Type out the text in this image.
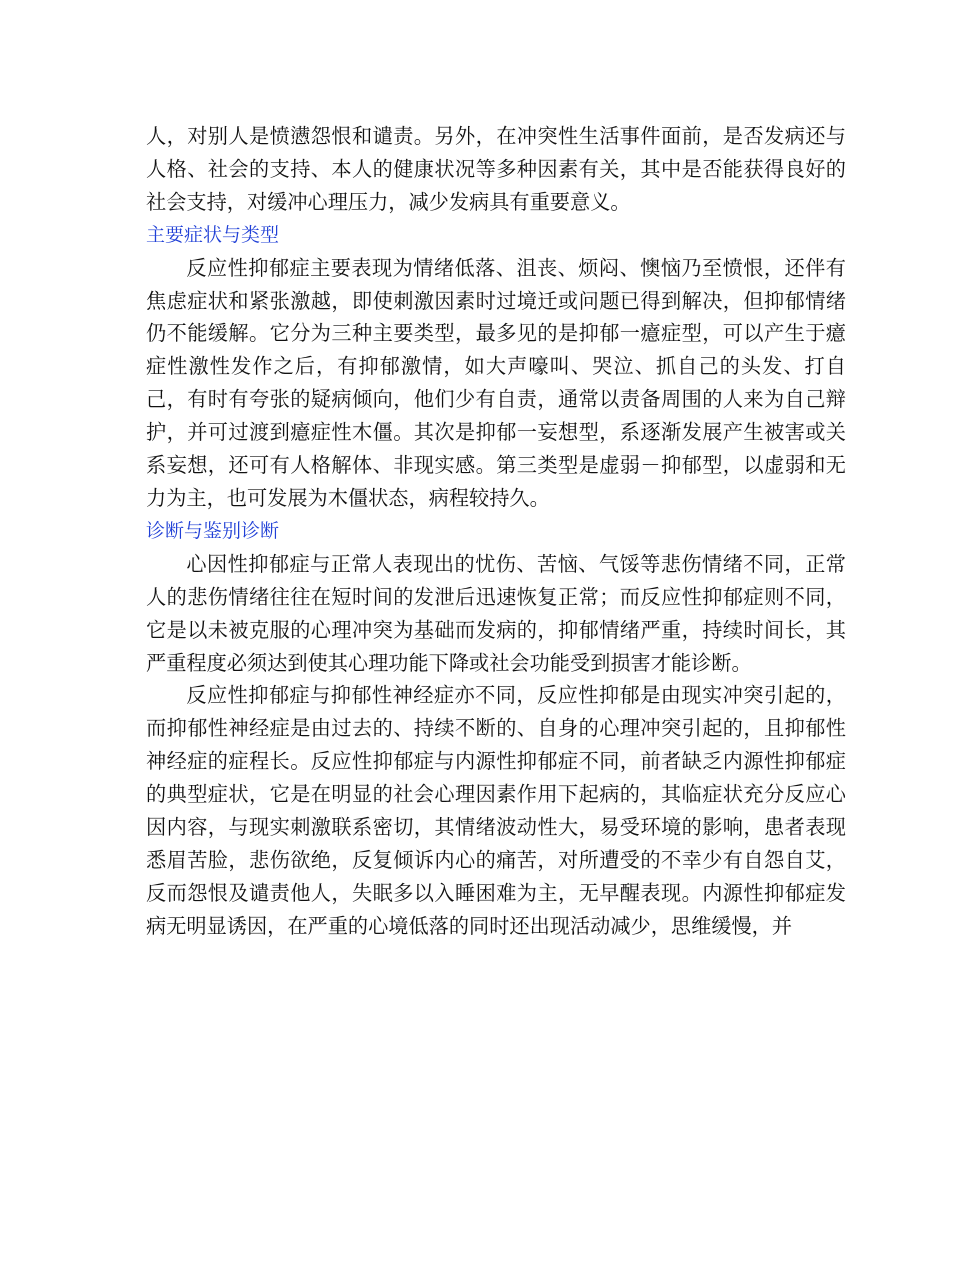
人，对别人是愤懑怨恨和谴责。另外，在冲突性生活事件面前，是否发病还与人格、社会的支持、本人的健康状况等多种因素有关，其中是否能获得良好的社会支持，对缓冲心理压力，减少发病具有重要意义。

主要症状与类型

反应性抑郁症主要表现为情绪低落、沮丧、烦闷、懊恼乃至愤恨，还伴有焦虑症状和紧张激越，即使刺激因素时过境迁或问题已得到解决，但抑郁情绪仍不能缓解。它分为三种主要类型，最多见的是抑郁一癔症型，可以产生于癔症性激性发作之后，有抑郁激情，如大声嚎叫、哭泣、抓自己的头发、打自己，有时有夸张的疑病倾向，他们少有自责，通常以责备周围的人来为自己辩护，并可过渡到癔症性木僵。其次是抑郁一妄想型，系逐渐发展产生被害或关系妄想，还可有人格解体、非现实感。第三类型是虚弱－抑郁型，以虚弱和无力为主，也可发展为木僵状态，病程较持久。

诊断与鉴别诊断

心因性抑郁症与正常人表现出的忧伤、苦恼、气馁等悲伤情绪不同，正常人的悲伤情绪往往在短时间的发泄后迅速恢复正常；而反应性抑郁症则不同，它是以未被克服的心理冲突为基础而发病的，抑郁情绪严重，持续时间长，其严重程度必须达到使其心理功能下降或社会功能受到损害才能诊断。

反应性抑郁症与抑郁性神经症亦不同，反应性抑郁是由现实冲突引起的，而抑郁性神经症是由过去的、持续不断的、自身的心理冲突引起的，且抑郁性神经症的症程长。反应性抑郁症与内源性抑郁症不同，前者缺乏内源性抑郁症的典型症状，它是在明显的社会心理因素作用下起病的，其临症状充分反应心因内容，与现实刺激联系密切，其情绪波动性大，易受环境的影响，患者表现悉眉苦脸，悲伤欲绝，反复倾诉内心的痛苦，对所遭受的不幸少有自怨自艾，反而怨恨及谴责他人，失眠多以入睡困难为主，无早醒表现。内源性抑郁症发病无明显诱因，在严重的心境低落的同时还出现活动减少，思维缓慢，并
